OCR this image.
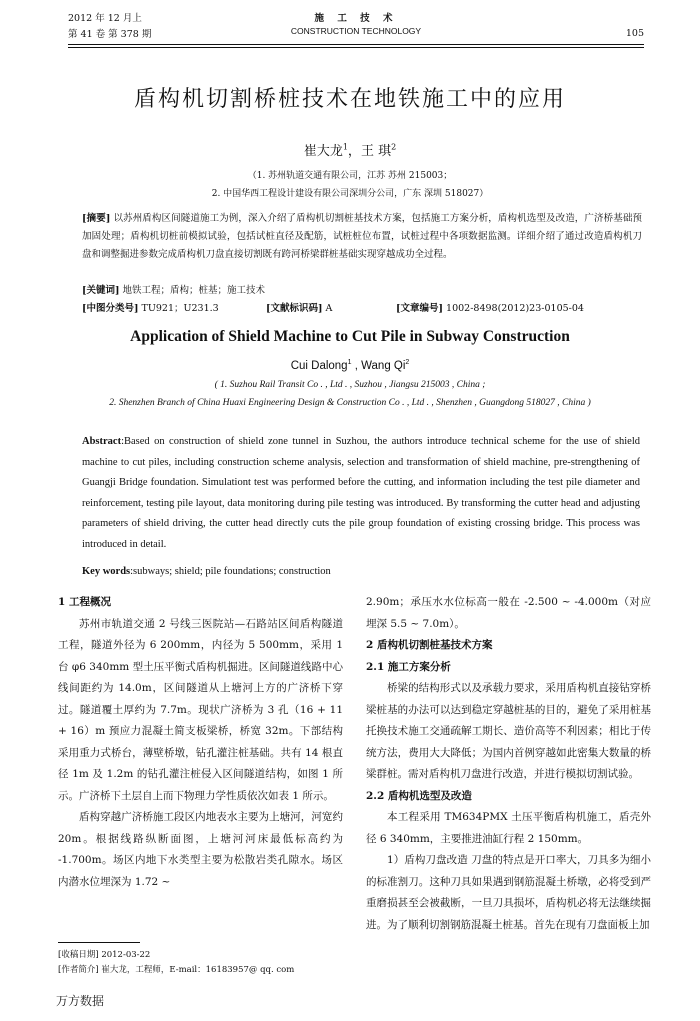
2012 年 12 月上
第 41 卷 第 378 期
施 工 技 术
CONSTRUCTION TECHNOLOGY	105
盾构机切割桥桩技术在地铁施工中的应用
崔大龙$^1$，王 琪$^2$
（1. 苏州轨道交通有限公司，江苏 苏州 215003；
2. 中国华西工程设计建设有限公司深圳分公司，广东 深圳 518027）
[摘要] 以苏州盾构区间隧道施工为例，深入介绍了盾构机切割桩基技术方案，包括施工方案分析，盾构机选型及改造，广济桥基础预加固处理；盾构机切桩前模拟试验，包括试桩直径及配筋，试桩桩位布置，试桩过程中各项数据监测。详细介绍了通过改造盾构机刀盘和调整掘进参数完成盾构机刀盘直接切割既有跨河桥梁群桩基础实现穿越成功全过程。
[关键词] 地铁工程；盾构；桩基；施工技术
[中图分类号] TU921；U231.3	[文献标识码] A	[文章编号] 1002-8498(2012)23-0105-04
Application of Shield Machine to Cut Pile in Subway Construction
Cui Dalong$^1$ , Wang Qi$^2$
( 1. Suzhou Rail Transit Co . , Ltd . , Suzhou , Jiangsu 215003 , China ;
2. Shenzhen Branch of China Huaxi Engineering Design & Construction Co . , Ltd . , Shenzhen , Guangdong 518027 , China )
Abstract:Based on construction of shield zone tunnel in Suzhou, the authors introduce technical scheme for the use of shield machine to cut piles, including construction scheme analysis, selection and transformation of shield machine, pre-strengthening of Guangji Bridge foundation. Simulationt test was performed before the cutting, and information including the test pile diameter and reinforcement, testing pile layout, data monitoring during pile testing was introduced. By transforming the cutter head and adjusting parameters of shield driving, the cutter head directly cuts the pile group foundation of existing crossing bridge. This process was introduced in detail.
Key words:subways; shield; pile foundations; construction
1 工程概况
苏州市轨道交通 2 号线三医院站—石路站区间盾构隧道工程，隧道外径为 6 200mm，内径为 5 500mm，采用 1 台 φ6 340mm 型土压平衡式盾构机掘进。区间隧道线路中心线间距约为 14.0m，区间隧道从上塘河上方的广济桥下穿过。隧道覆土厚约为 7.7m。现状广济桥为 3 孔（16 + 11 + 16）m 预应力混凝土简支板梁桥，桥宽 32m。下部结构采用重力式桥台，薄壁桥墩，钻孔灌注桩基础。共有 14 根直径 1m 及 1.2m 的钻孔灌注桩侵入区间隧道结构，如图 1 所示。广济桥下土层自上而下物理力学性质依次如表 1 所示。
盾构穿越广济桥施工段区内地表水主要为上塘河，河宽约 20m。根据线路纵断面图，上塘河河床最低标高约为 -1.700m。场区内地下水类型主要为松散岩类孔隙水。场区内潜水位埋深为 1.72 ~
2.90m；承压水水位标高一般在 -2.500 ~ -4.000m（对应埋深 5.5 ~ 7.0m）。
2 盾构机切割桩基技术方案
2.1 施工方案分析
桥梁的结构形式以及承载力要求，采用盾构机直接钻穿桥梁桩基的办法可以达到稳定穿越桩基的目的，避免了采用桩基托换技术施工交通疏解工期长、造价高等不利因素；相比于传统方法，费用大大降低；为国内首例穿越如此密集大数量的桥梁群桩。需对盾构机刀盘进行改造，并进行模拟切割试验。
2.2 盾构机选型及改造
本工程采用 TM634PMX 土压平衡盾构机施工，盾壳外径 6 340mm，主要推进油缸行程 2 150mm。
1）盾构刀盘改造 刀盘的特点是开口率大，刀具多为细小的标准割刀。这种刀具如果遇到钢筋混凝土桥墩，必将受到严重磨损甚至会被截断，一旦刀具损坏，盾构机必将无法继续掘进。为了顺利切割钢筋混凝土桩基。首先在现有刀盘面板上加
[收稿日期] 2012-03-22
[作者简介] 崔大龙，工程师，E-mail：16183957@ qq. com
万方数据
